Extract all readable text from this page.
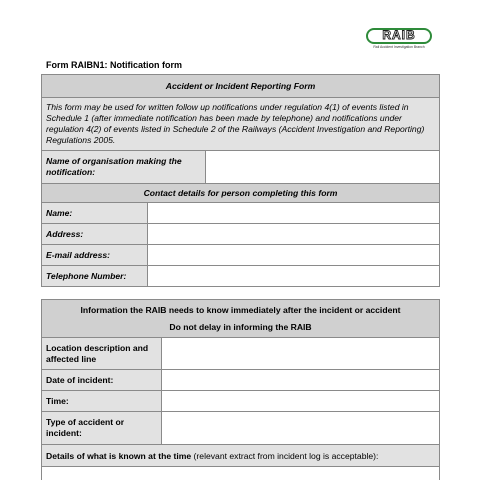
RAIB
Rail Accident Investigation Branch
Form RAIBN1: Notification form
Accident or Incident Reporting Form		
This form may be used for written follow up notifications under regulation 4(1) of events listed in Schedule 1 (after immediate notification has been made by telephone) and notifications under regulation 4(2) of events listed in Schedule 2 of the Railways (Accident Investigation and Reporting) Regulations 2005.		
Name of organisation making the notification:		
Contact details for person completing this form		
Name:		
Address:		
E-mail address:		
Telephone Number:		
Information the RAIB needs to know immediately after the incident or accident
Do not delay in informing the RAIB	

Location description and affected line	
Date of incident:	
Time:	
Type of accident or incident:	
Details of what is known at the time (relevant extract from incident log is acceptable):	
